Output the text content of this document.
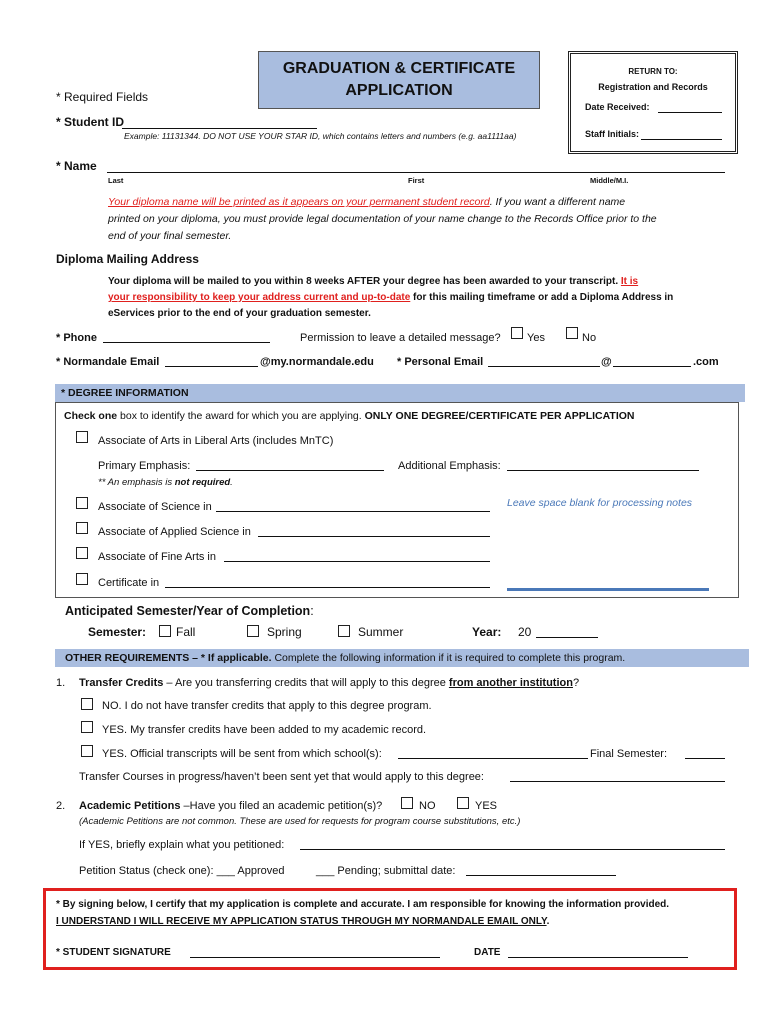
GRADUATION & CERTIFICATE
APPLICATION
RETURN TO:
Registration and Records
Date Received:
Staff Initials:
* Required Fields
* Student ID
Example: 11131344. DO NOT USE YOUR STAR ID, which contains letters and numbers (e.g. aa1111aa)
* Name
Last	First	Middle/M.I.
Your diploma name will be printed as it appears on your permanent student record. If you want a different name
printed on your diploma, you must provide legal documentation of your name change to the Records Office prior to the
end of your final semester.
Diploma Mailing Address
Your diploma will be mailed to you within 8 weeks AFTER your degree has been awarded to your transcript. It is
your responsibility to keep your address current and up-to-date for this mailing timeframe or add a Diploma Address in
eServices prior to the end of your graduation semester.
* Phone	Permission to leave a detailed message? Yes	No
* Normandale Email	@my.normandale.edu * Personal Email	@	.com
* DEGREE INFORMATION
Check one box to identify the award for which you are applying. ONLY ONE DEGREE/CERTIFICATE PER APPLICATION
Associate of Arts in Liberal Arts (includes MnTC)
Primary Emphasis:	Additional Emphasis:
** An emphasis is not required.
Associate of Science in	Leave space blank for processing notes
Associate of Applied Science in
Associate of Fine Arts in
Certificate in
Anticipated Semester/Year of Completion:
Semester: Fall	Spring	Summer	Year: 20
OTHER REQUIREMENTS – * If applicable. Complete the following information if it is required to complete this program.
1. Transfer Credits – Are you transferring credits that will apply to this degree from another institution?
NO. I do not have transfer credits that apply to this degree program.
YES. My transfer credits have been added to my academic record.
YES. Official transcripts will be sent from which school(s):	Final Semester:
Transfer Courses in progress/haven’t been sent yet that would apply to this degree:
2. Academic Petitions –Have you filed an academic petition(s)?	NO	YES
(Academic Petitions are not common. These are used for requests for program course substitutions, etc.)
If YES, briefly explain what you petitioned:
Petition Status (check one): ___ Approved	___ Pending; submittal date:
* By signing below, I certify that my application is complete and accurate. I am responsible for knowing the information provided.
I UNDERSTAND I WILL RECEIVE MY APPLICATION STATUS THROUGH MY NORMANDALE EMAIL ONLY.
* STUDENT SIGNATURE	DATE
